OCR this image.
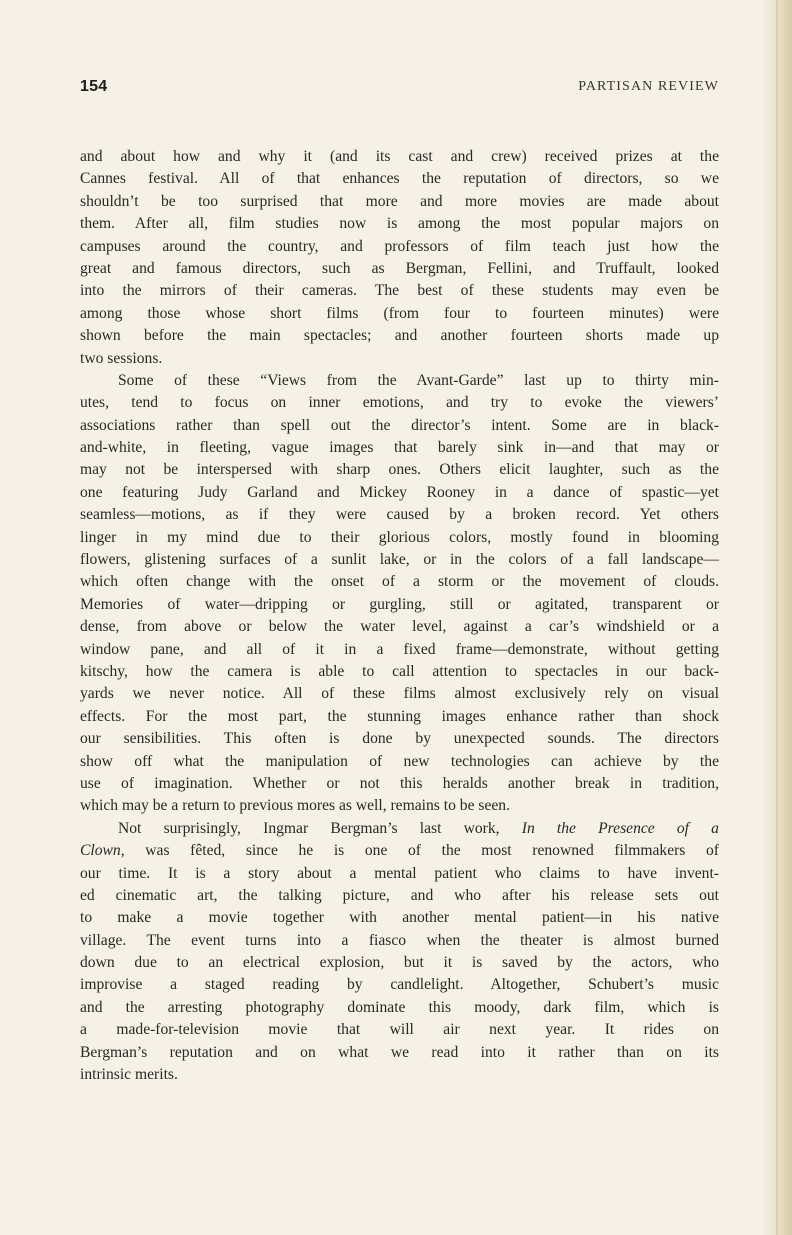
154	PARTISAN REVIEW
and about how and why it (and its cast and crew) received prizes at the
Cannes festival. All of that enhances the reputation of directors, so we
shouldn’t be too surprised that more and more movies are made about
them. After all, film studies now is among the most popular majors on
campuses around the country, and professors of film teach just how the
great and famous directors, such as Bergman, Fellini, and Truffault, looked
into the mirrors of their cameras. The best of these students may even be
among those whose short films (from four to fourteen minutes) were
shown before the main spectacles; and another fourteen shorts made up
two sessions.
Some of these “Views from the Avant-Garde” last up to thirty min-
utes, tend to focus on inner emotions, and try to evoke the viewers’
associations rather than spell out the director’s intent. Some are in black-
and-white, in fleeting, vague images that barely sink in—and that may or
may not be interspersed with sharp ones. Others elicit laughter, such as the
one featuring Judy Garland and Mickey Rooney in a dance of spastic—yet
seamless—motions, as if they were caused by a broken record. Yet others
linger in my mind due to their glorious colors, mostly found in blooming
flowers, glistening surfaces of a sunlit lake, or in the colors of a fall landscape—
which often change with the onset of a storm or the movement of clouds.
Memories of water—dripping or gurgling, still or agitated, transparent or
dense, from above or below the water level, against a car’s windshield or a
window pane, and all of it in a fixed frame—demonstrate, without getting
kitschy, how the camera is able to call attention to spectacles in our back-
yards we never notice. All of these films almost exclusively rely on visual
effects. For the most part, the stunning images enhance rather than shock
our sensibilities. This often is done by unexpected sounds. The directors
show off what the manipulation of new technologies can achieve by the
use of imagination. Whether or not this heralds another break in tradition,
which may be a return to previous mores as well, remains to be seen.
Not surprisingly, Ingmar Bergman’s last work, In the Presence of a
Clown, was fêted, since he is one of the most renowned filmmakers of
our time. It is a story about a mental patient who claims to have invent-
ed cinematic art, the talking picture, and who after his release sets out
to make a movie together with another mental patient—in his native
village. The event turns into a fiasco when the theater is almost burned
down due to an electrical explosion, but it is saved by the actors, who
improvise a staged reading by candlelight. Altogether, Schubert’s music
and the arresting photography dominate this moody, dark film, which is
a made-for-television movie that will air next year. It rides on
Bergman’s reputation and on what we read into it rather than on its
intrinsic merits.
